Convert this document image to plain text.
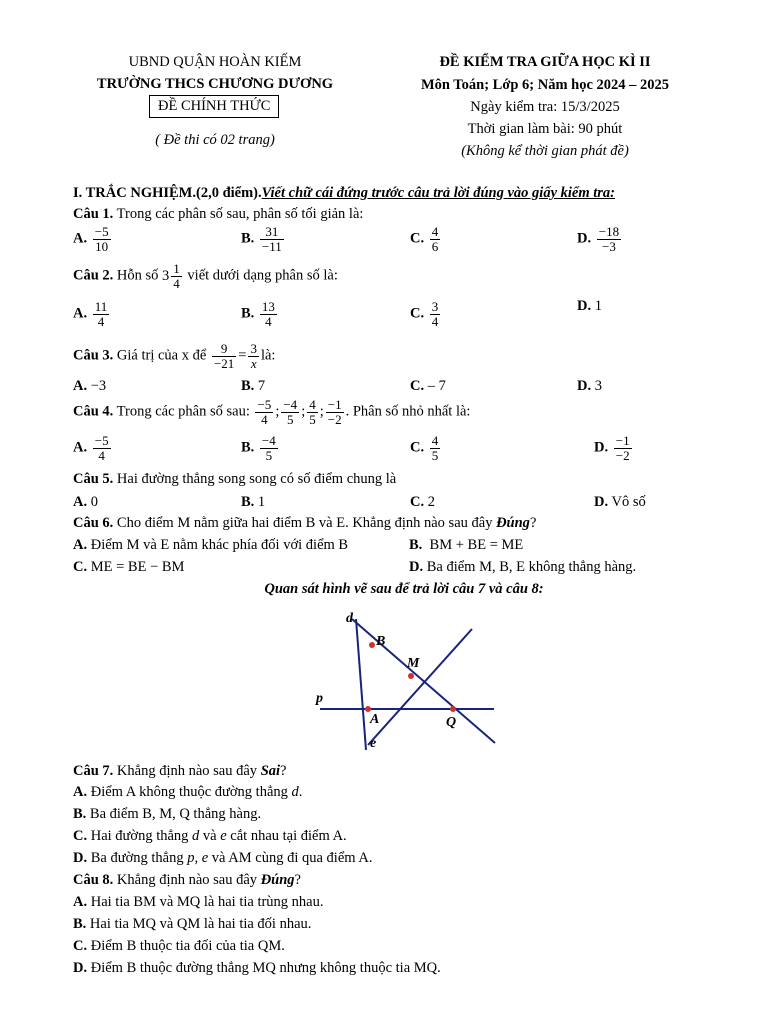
UBND QUẬN HOÀN KIẾM
TRƯỜNG THCS CHƯƠNG DƯƠNG
ĐỀ CHÍNH THỨC
( Đề thi có 02 trang)
ĐỀ KIỂM TRA GIỮA HỌC KÌ II
Môn Toán; Lớp 6; Năm học 2024 – 2025
Ngày kiểm tra: 15/3/2025
Thời gian làm bài: 90 phút
(Không kể thời gian phát đề)
I. TRẮC NGHIỆM.(2,0 điểm).Viết chữ cái đứng trước câu trả lời đúng vào giấy kiểm tra:
Câu 1. Trong các phân số sau, phân số tối giản là:
A. $\frac{-5}{10}$	B. $\frac{31}{-11}$	C. $\frac{4}{6}$	D. $\frac{-18}{-3}$
Câu 2. Hỗn số $3 \frac{1}{4}$ viết dưới dạng phân số là:
A. $\frac{11}{4}$	B. $\frac{13}{4}$	C. $\frac{3}{4}$	D. 1
Câu 3. Giá trị của x để $\frac{9}{-21} = \frac{3}{x}$ là:
A. −3	B. 7	C. – 7	D. 3
Câu 4. Trong các phân số sau: $\frac{-5}{4}$ ; $\frac{-4}{5}$ ; $\frac{4}{5}$ ; $\frac{-1}{-2}$ . Phân số nhỏ nhất là:
A. $\frac{-5}{4}$	B. $\frac{-4}{5}$	C. $\frac{4}{5}$	D. $\frac{-1}{-2}$
Câu 5. Hai đường thẳng song song có số điểm chung là
A. 0	B. 1	C. 2	D. Vô số
Câu 6. Cho điểm M nằm giữa hai điểm B và E. Khẳng định nào sau đây Đúng?
A. Điểm M và E nằm khác phía đối với điểm B	B. BM + BE = ME
C. ME = BE − BM	D. Ba điểm M, B, E không thẳng hàng.
Quan sát hình vẽ sau để trả lời câu 7 và câu 8:
d
B
M
p
A	Q
e
Câu 7. Khẳng định nào sau đây Sai?
A. Điểm A không thuộc đường thẳng d.
B. Ba điểm B, M, Q thẳng hàng.
C. Hai đường thẳng d và e cắt nhau tại điểm A.
D. Ba đường thẳng p, e và AM cùng đi qua điểm A.
Câu 8. Khẳng định nào sau đây Đúng?
A. Hai tia BM và MQ là hai tia trùng nhau.
B. Hai tia MQ và QM là hai tia đối nhau.
C. Điểm B thuộc tia đối của tia QM.
D. Điểm B thuộc đường thẳng MQ nhưng không thuộc tia MQ.
